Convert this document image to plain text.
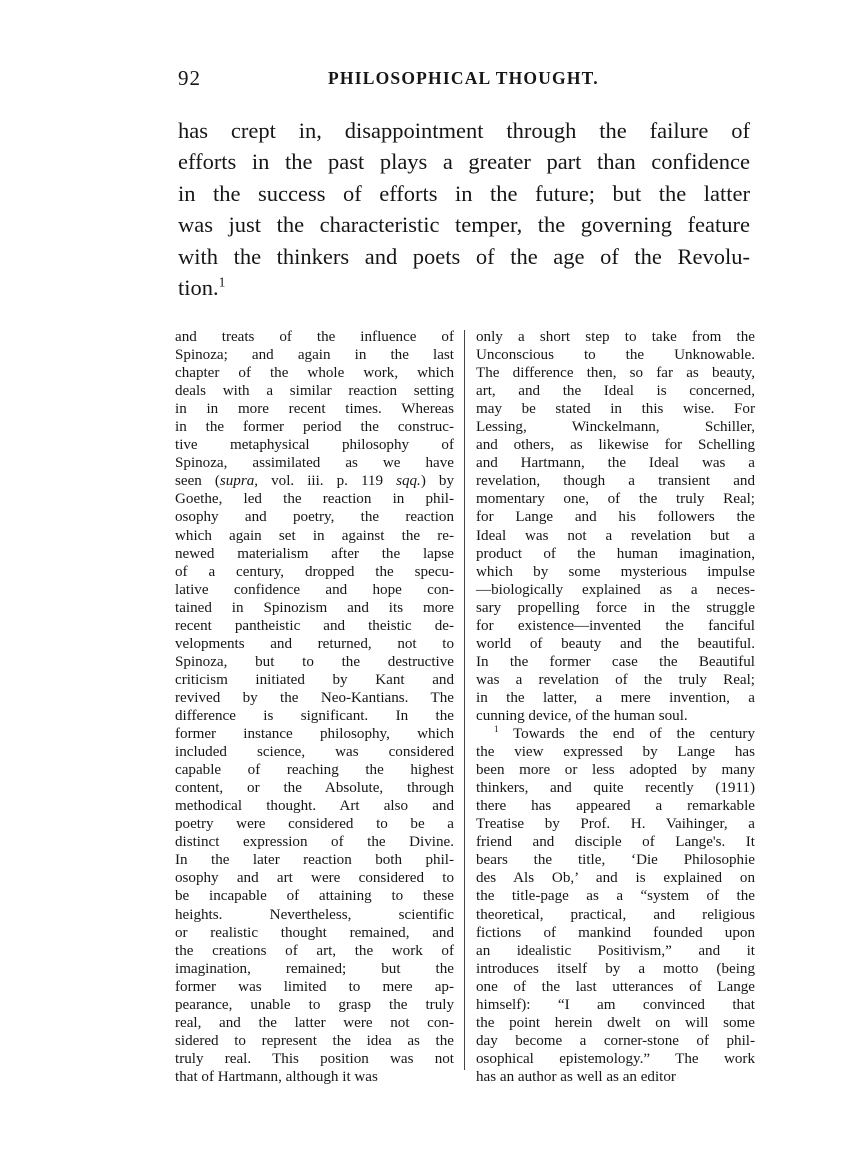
92	PHILOSOPHICAL THOUGHT.
has crept in, disappointment through the failure of
efforts in the past plays a greater part than confidence
in the success of efforts in the future; but the latter
was just the characteristic temper, the governing feature
with the thinkers and poets of the age of the Revolu-
tion.$^1$
and treats of the influence of
Spinoza; and again in the last
chapter of the whole work, which
deals with a similar reaction setting
in in more recent times. Whereas
in the former period the construc-
tive metaphysical philosophy of
Spinoza, assimilated as we have
seen (supra, vol. iii. p. 119 sqq.) by
Goethe, led the reaction in phil-
osophy and poetry, the reaction
which again set in against the re-
newed materialism after the lapse
of a century, dropped the specu-
lative confidence and hope con-
tained in Spinozism and its more
recent pantheistic and theistic de-
velopments and returned, not to
Spinoza, but to the destructive
criticism initiated by Kant and
revived by the Neo-Kantians. The
difference is significant. In the
former instance philosophy, which
included science, was considered
capable of reaching the highest
content, or the Absolute, through
methodical thought. Art also and
poetry were considered to be a
distinct expression of the Divine.
In the later reaction both phil-
osophy and art were considered to
be incapable of attaining to these
heights. Nevertheless, scientific
or realistic thought remained, and
the creations of art, the work of
imagination, remained; but the
former was limited to mere ap-
pearance, unable to grasp the truly
real, and the latter were not con-
sidered to represent the idea as the
truly real. This position was not
that of Hartmann, although it was
only a short step to take from the
Unconscious to the Unknowable.
The difference then, so far as beauty,
art, and the Ideal is concerned,
may be stated in this wise. For
Lessing, Winckelmann, Schiller,
and others, as likewise for Schelling
and Hartmann, the Ideal was a
revelation, though a transient and
momentary one, of the truly Real;
for Lange and his followers the
Ideal was not a revelation but a
product of the human imagination,
which by some mysterious impulse
—biologically explained as a neces-
sary propelling force in the struggle
for existence—invented the fanciful
world of beauty and the beautiful.
In the former case the Beautiful
was a revelation of the truly Real;
in the latter, a mere invention, a
cunning device, of the human soul.
$^1$ Towards the end of the century
the view expressed by Lange has
been more or less adopted by many
thinkers, and quite recently (1911)
there has appeared a remarkable
Treatise by Prof. H. Vaihinger, a
friend and disciple of Lange's. It
bears the title, ‘Die Philosophie
des Als Ob,’ and is explained on
the title-page as a “system of the
theoretical, practical, and religious
fictions of mankind founded upon
an idealistic Positivism,” and it
introduces itself by a motto (being
one of the last utterances of Lange
himself): “I am convinced that
the point herein dwelt on will some
day become a corner-stone of phil-
osophical epistemology.” The work
has an author as well as an editor
